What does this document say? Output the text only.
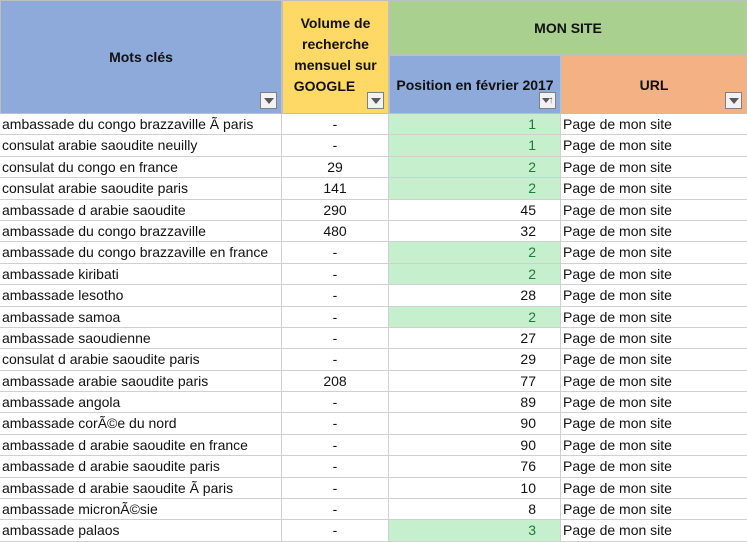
Mots clés
Volume de
recherche
mensuel sur
GOOGLE
MON SITE
Position en février 2017
↑
URL
ambassade du congo brazzaville Ã paris	-	1	Page de mon site
consulat arabie saoudite neuilly	-	1	Page de mon site
consulat du congo en france	29	2	Page de mon site
consulat arabie saoudite paris	141	2	Page de mon site
ambassade d arabie saoudite	290	45	Page de mon site
ambassade du congo brazzaville	480	32	Page de mon site
ambassade du congo brazzaville en france	-	2	Page de mon site
ambassade kiribati	-	2	Page de mon site
ambassade lesotho	-	28	Page de mon site
ambassade samoa	-	2	Page de mon site
ambassade saoudienne	-	27	Page de mon site
consulat d arabie saoudite paris	-	29	Page de mon site
ambassade arabie saoudite paris	208	77	Page de mon site
ambassade angola	-	89	Page de mon site
ambassade corÃ©e du nord	-	90	Page de mon site
ambassade d arabie saoudite en france	-	90	Page de mon site
ambassade d arabie saoudite paris	-	76	Page de mon site
ambassade d arabie saoudite Ã paris	-	10	Page de mon site
ambassade micronÃ©sie	-	8	Page de mon site
ambassade palaos	-	3	Page de mon site
